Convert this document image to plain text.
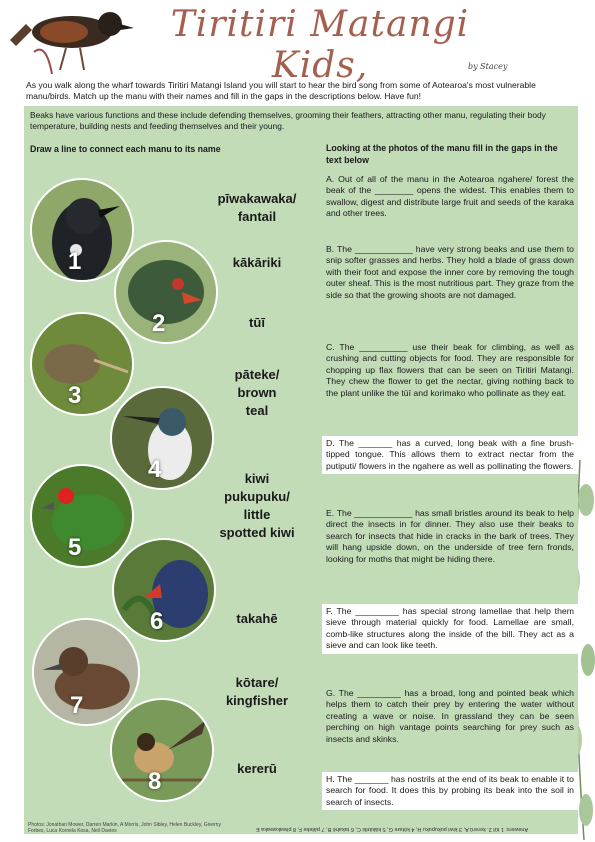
Tiritiri Matangi Kids,	by Stacey
As you walk along the wharf towards Tiritiri Matangi Island you will start to hear the bird song from some of Aotearoa's most vulnerable manu/birds. Match up the manu with their names and fill in the gaps in the descriptions below. Have fun!
Beaks have various functions and these include defending themselves, grooming their feathers, attracting other manu, regulating their body temperature, building nests and feeding themselves and their young.
Draw a line to connect each manu to its name	Looking at the photos of the manu fill in the gaps in the text below
1
2
3
4
5
6
7
8
pīwakawaka/
fantail
kākāriki
tūī
pāteke/
brown
teal
kiwi
pukupuku/
little
spotted kiwi
takahē
kōtare/
kingfisher
kererū
A. Out of all of the manu in the Aotearoa ngahere/ forest the beak of the ________ opens the widest. This enables them to swallow, digest and distribute large fruit and seeds of the karaka and other trees.
B. The ____________ have very strong beaks and use them to snip softer grasses and herbs. They hold a blade of grass down with their foot and expose the inner core by removing the tough outer sheaf. This is the most nutritious part. They graze from the side so that the growing shoots are not damaged.
C. The __________ use their beak for climbing, as well as crushing and cutting objects for food. They are responsible for chopping up flax flowers that can be seen on Tiritiri Matangi. They chew the flower to get the nectar, giving nothing back to the plant unlike the tūī and korimako who pollinate as they eat.
D. The _______ has a curved, long beak with a fine brush-tipped tongue. This allows them to extract nectar from the putiputi/ flowers in the ngahere as well as pollinating the flowers.
E. The ____________ has small bristles around its beak to help direct the insects in for dinner. They also use their beaks to search for insects that hide in cracks in the bark of trees. They will hang upside down, on the underside of tree fern fronds, looking for moths that might be hiding there.
F. The _________ has special strong lamellae that help them sieve through material quickly for food. Lamellae are small, comb-like structures along the inside of the bill. They act as a sieve and can look like teeth.
G. The _________ has a broad, long and pointed beak which helps them to catch their prey by entering the water without creating a wave or noise. In grassland they can be seen perching on high vantage points searching for prey such as insects and skinks.
H. The _______ has nostrils at the end of its beak to enable it to search for food. It does this by probing its beak into the soil in search of insects.
Photos: Jonathan Mower, Darren Markin, A Morris, John Sibley, Helen Buckley, Giverny Forbes, Luca Kornela Kosa, Neil Davies	Answers: 1 tūī 2. kererū A, 3 kiwi pukupuku H, 4 kōtare G, 5 kākāriki C, 6 takahē B, 7 pāteke F, 8 pīwakawaka E
